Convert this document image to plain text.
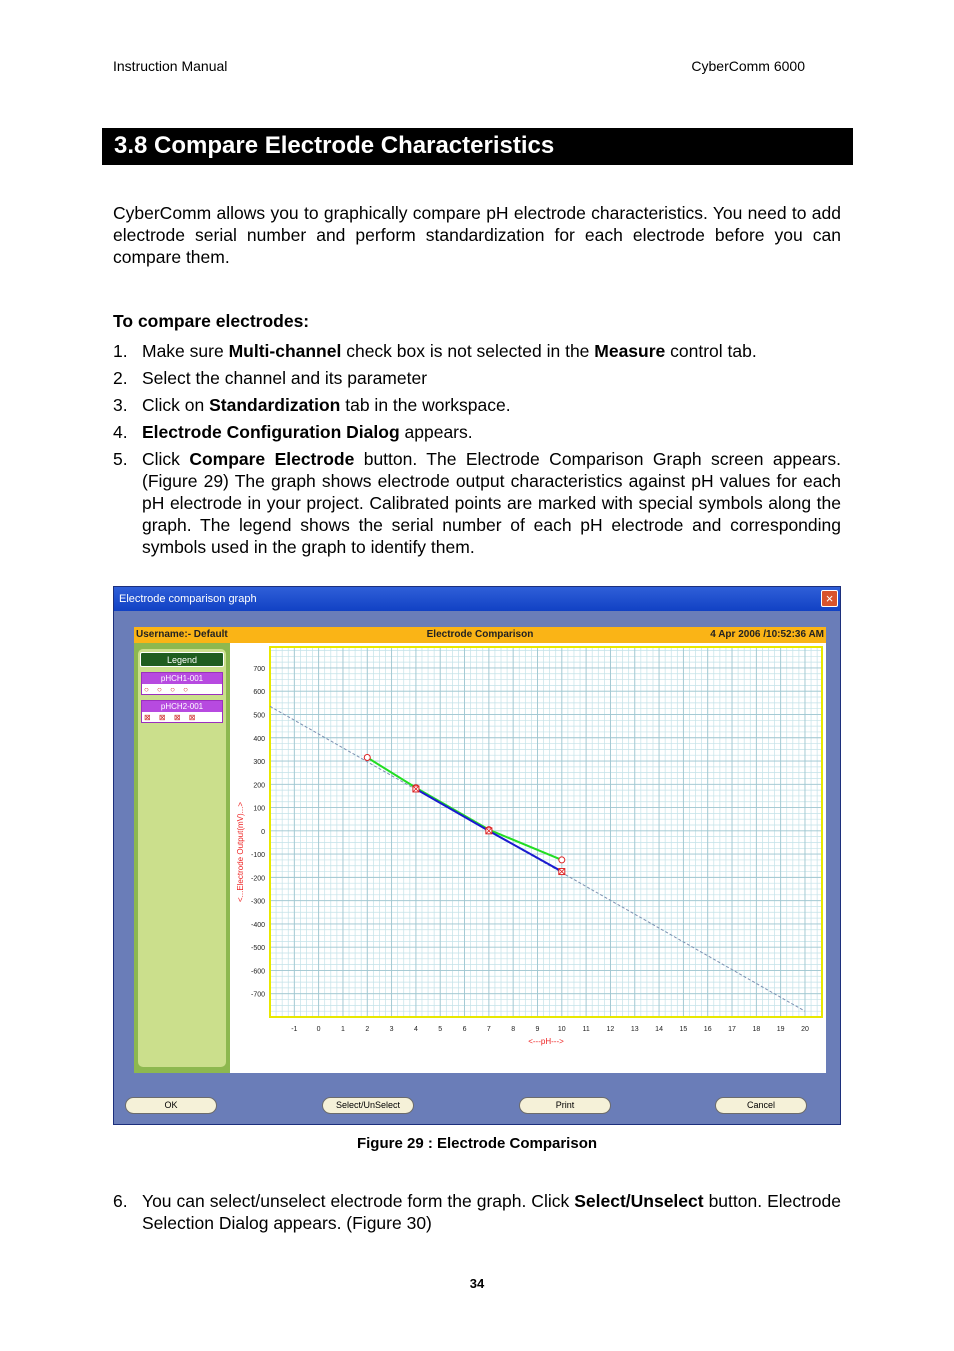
Instruction Manual	CyberComm 6000
3.8 Compare Electrode Characteristics
CyberComm allows you to graphically compare pH electrode characteristics. You need to add electrode serial number and perform standardization for each electrode before you can compare them.
To compare electrodes:
1. Make sure Multi-channel check box is not selected in the Measure control tab.
2. Select the channel and its parameter
3. Click on Standardization tab in the workspace.
4. Electrode Configuration Dialog appears.
5. Click Compare Electrode button. The Electrode Comparison Graph screen appears. (Figure 29) The graph shows electrode output characteristics against pH values for each pH electrode in your project. Calibrated points are marked with special symbols along the graph. The legend shows the serial number of each pH electrode and corresponding symbols used in the graph to identify them.
Electrode comparison graph	×
Electrode Comparison
Username:- Default	4 Apr 2006 /10:52:36 AM
Legend
pHCH1-001
○ ○ ○ ○
pHCH2-001
⊠ ⊠ ⊠ ⊠
-1	0	1	2	3	4	5	6	7	8	9	10 11 12 13 14 15 16 17 18 19 20
700
600
500
400
300
200
100
0
-100
-200
-300
-400
-500
-600
-700
<---pH--->
<...Electrode Output(mV)...>
OK	Select/UnSelect	Print	Cancel
Figure 29 : Electrode Comparison
6. You can select/unselect electrode form the graph. Click Select/Unselect button. Electrode Selection Dialog appears. (Figure 30)
34
